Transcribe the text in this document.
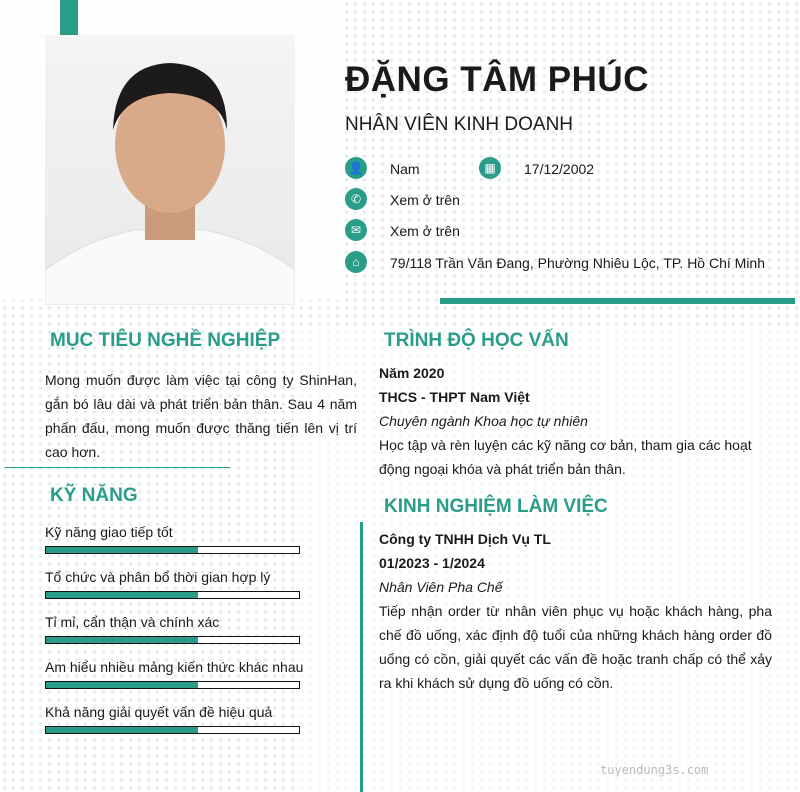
ĐẶNG TÂM PHÚC
NHÂN VIÊN KINH DOANH
👤 Nam	▦	17/12/2002
✆	Xem ở trên
✉	Xem ở trên
⌂	79/118 Trần Văn Đang, Phường Nhiêu Lộc, TP. Hồ Chí Minh
MỤC TIÊU NGHỀ NGHIỆP
Mong muốn được làm việc tại công ty ShinHan, gắn bó lâu dài và phát triển bản thân. Sau 4 năm phấn đấu, mong muốn được thăng tiến lên vị trí cao hơn.
KỸ NĂNG
Kỹ năng giao tiếp tốt
Tổ chức và phân bổ thời gian hợp lý
Tỉ mỉ, cẩn thận và chính xác
Am hiểu nhiều mảng kiến thức khác nhau
Khả năng giải quyết vấn đề hiệu quả
TRÌNH ĐỘ HỌC VẤN
Năm 2020
THCS - THPT Nam Việt
Chuyên ngành Khoa học tự nhiên
Học tập và rèn luyện các kỹ năng cơ bản, tham gia các hoạt động ngoại khóa và phát triển bản thân.
KINH NGHIỆM LÀM VIỆC
Công ty TNHH Dịch Vụ TL
01/2023 - 1/2024
Nhân Viên Pha Chế
Tiếp nhận order từ nhân viên phục vụ hoặc khách hàng, pha chế đồ uống, xác định độ tuổi của những khách hàng order đồ uống có cồn, giải quyết các vấn đề hoặc tranh chấp có thể xảy ra khi khách sử dụng đồ uống có cồn.
tuyendung3s.com
